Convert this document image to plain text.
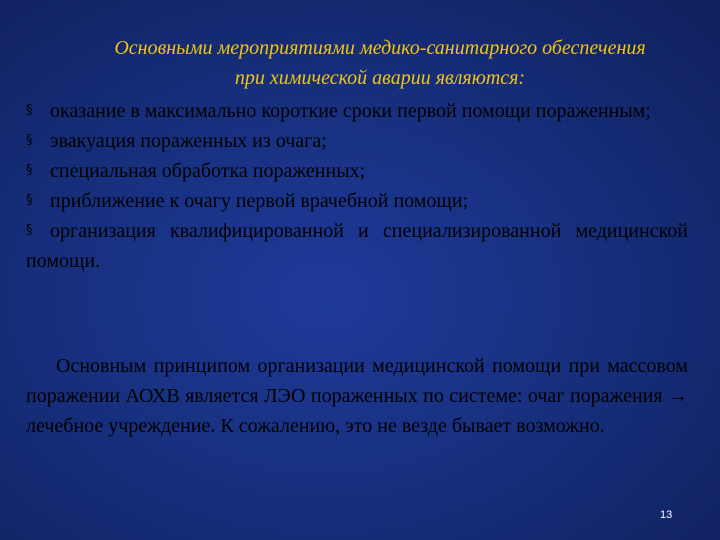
Основными мероприятиями медико-санитарного обеспечения
при химической аварии являются:

§ оказание в максимально короткие сроки первой помощи пораженным;

§ эвакуация пораженных из очага;

§ специальная обработка пораженных;

§ приближение к очагу первой врачебной помощи;

§ организация квалифицированной и специализированной медицинской помощи.

Основным принципом организации медицинской помощи при массовом поражении АОХВ является ЛЭО пораженных по системе: очаг поражения → лечебное учреждение. К сожалению, это не везде бывает возможно.

13
